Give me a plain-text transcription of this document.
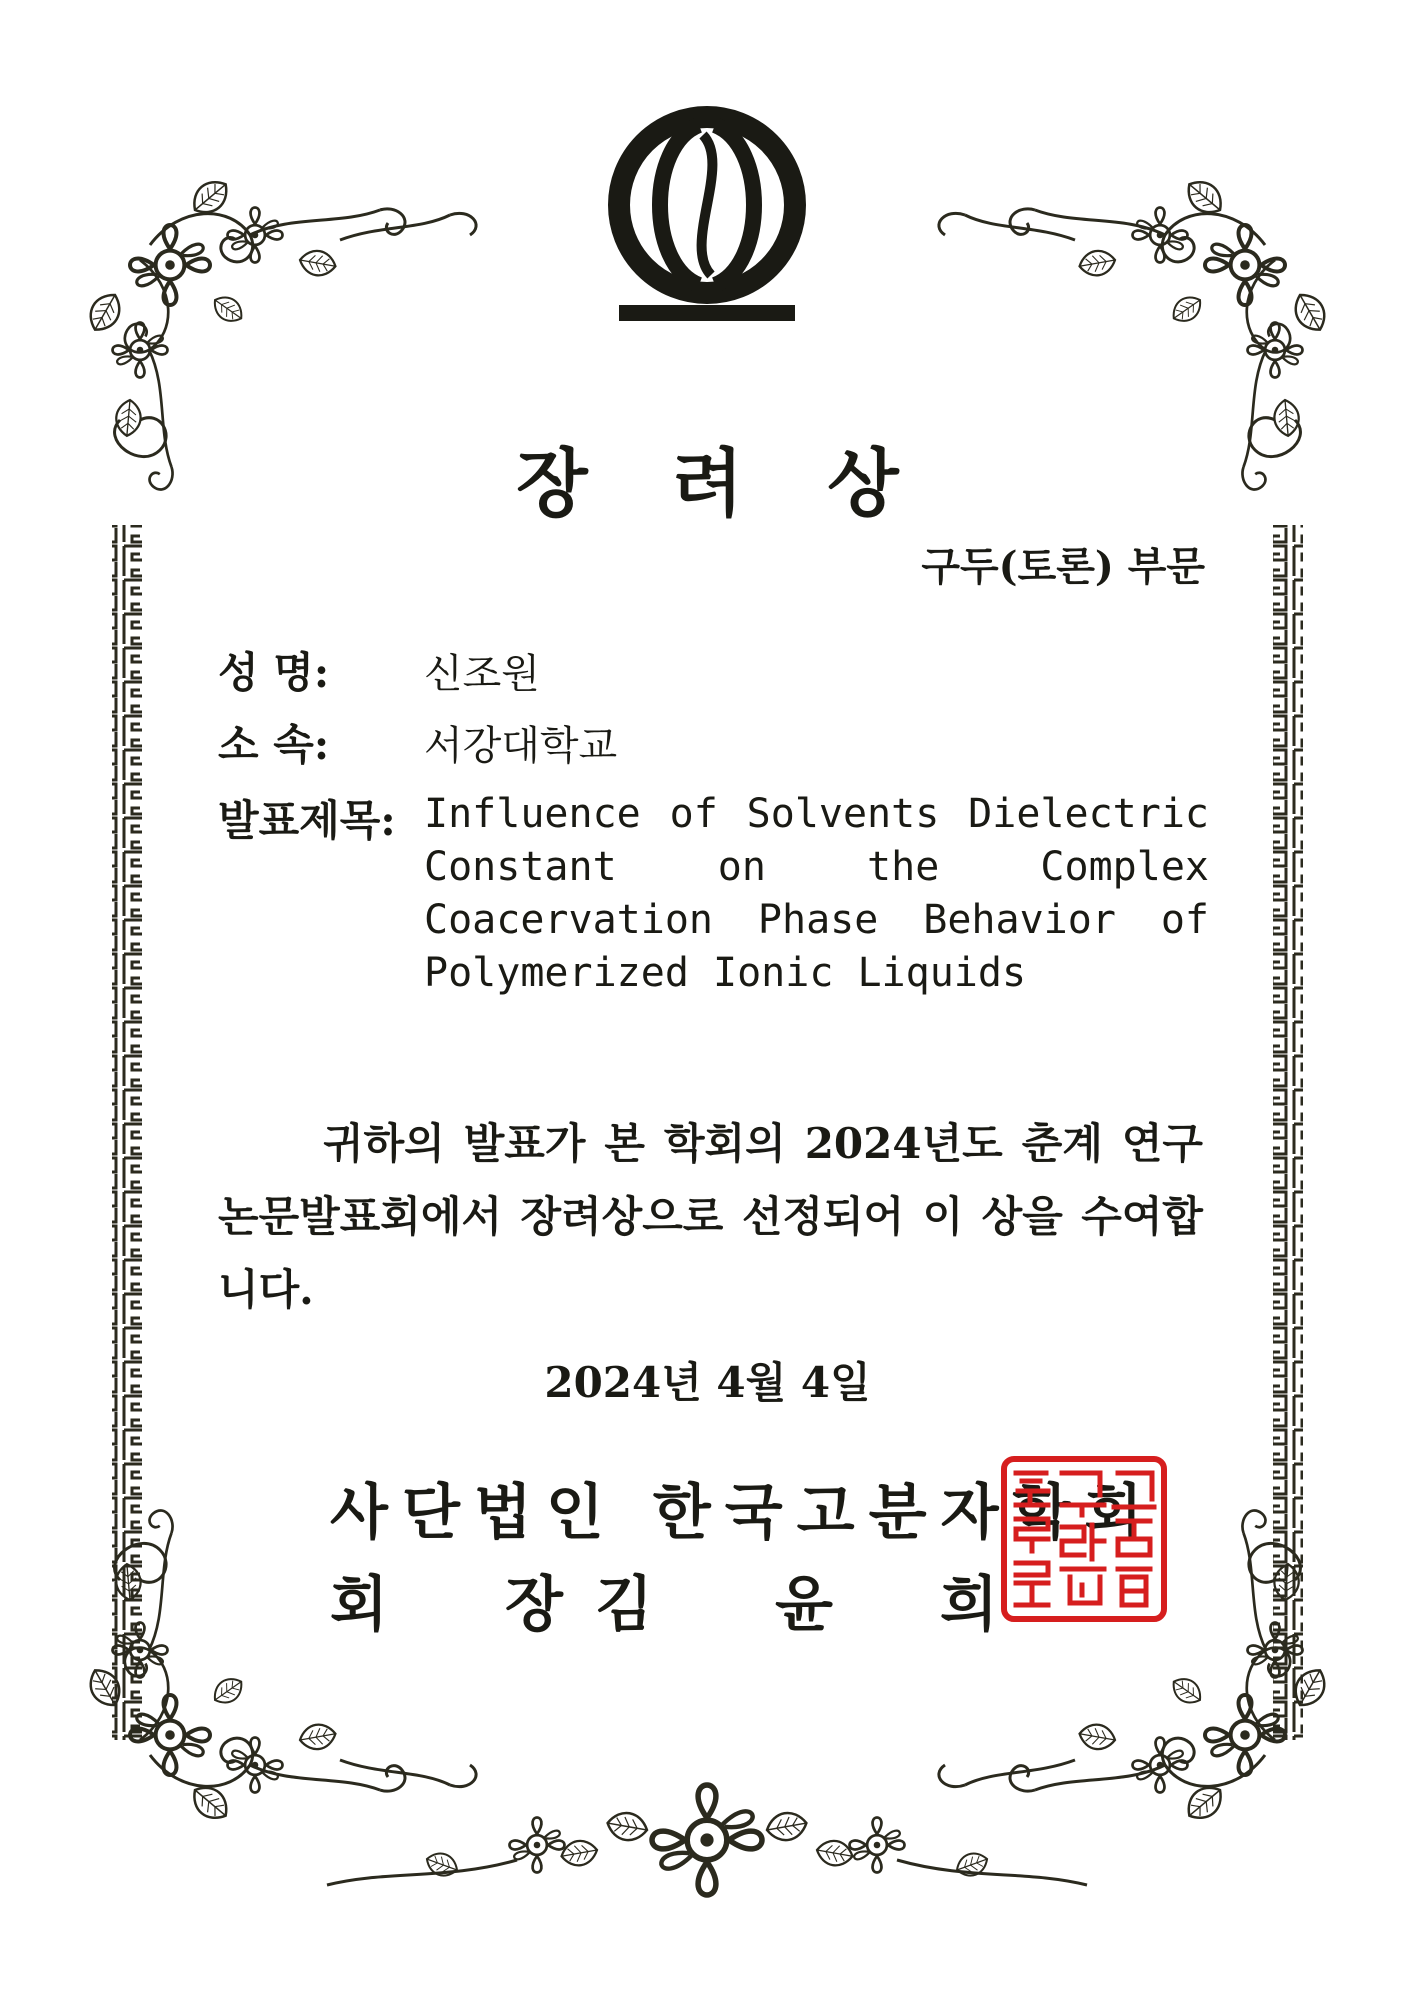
장 려 상
구두(토론) 부문
성 명: 신조원
소 속: 서강대학교
발표제목: Influence of Solvents Dielectric Constant on the Complex Coacervation Phase Behavior of Polymerized Ionic Liquids
귀하의 발표가 본 학회의 2024년도 춘계 연구 논문발표회에서 장려상으로 선정되어 이 상을 수여합니다.
2024년 4월 4일
사단법인 한국고분자학회
회 장 김 윤 희
